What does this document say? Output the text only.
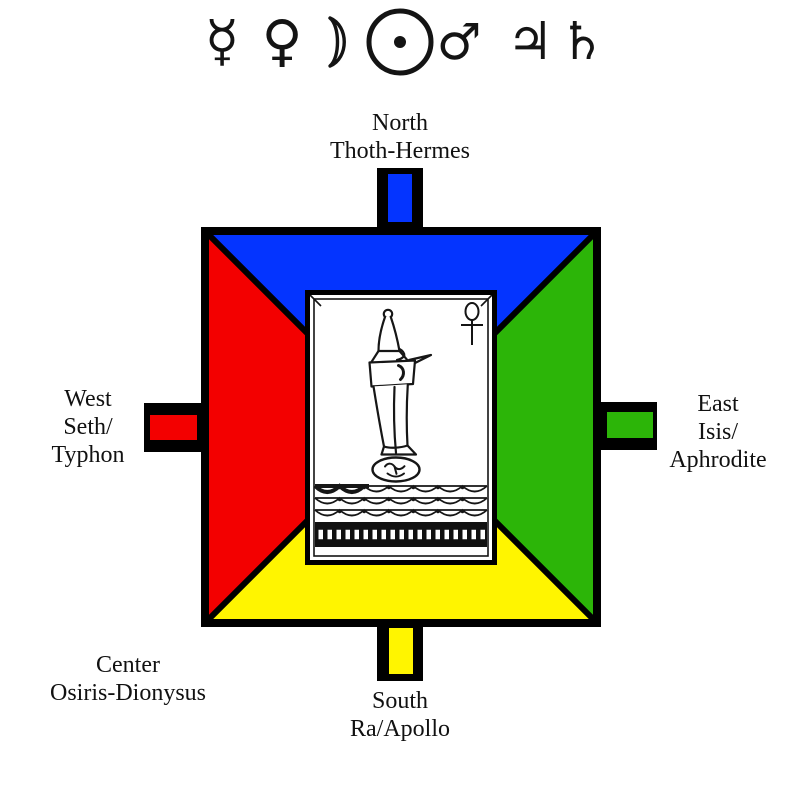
☿ ♀	♂ ♃ ♄
North
Thoth-Hermes
West
Seth/
Typhon
East
Isis/
Aphrodite
Center
Osiris-Dionysus	South
Ra/Apollo
